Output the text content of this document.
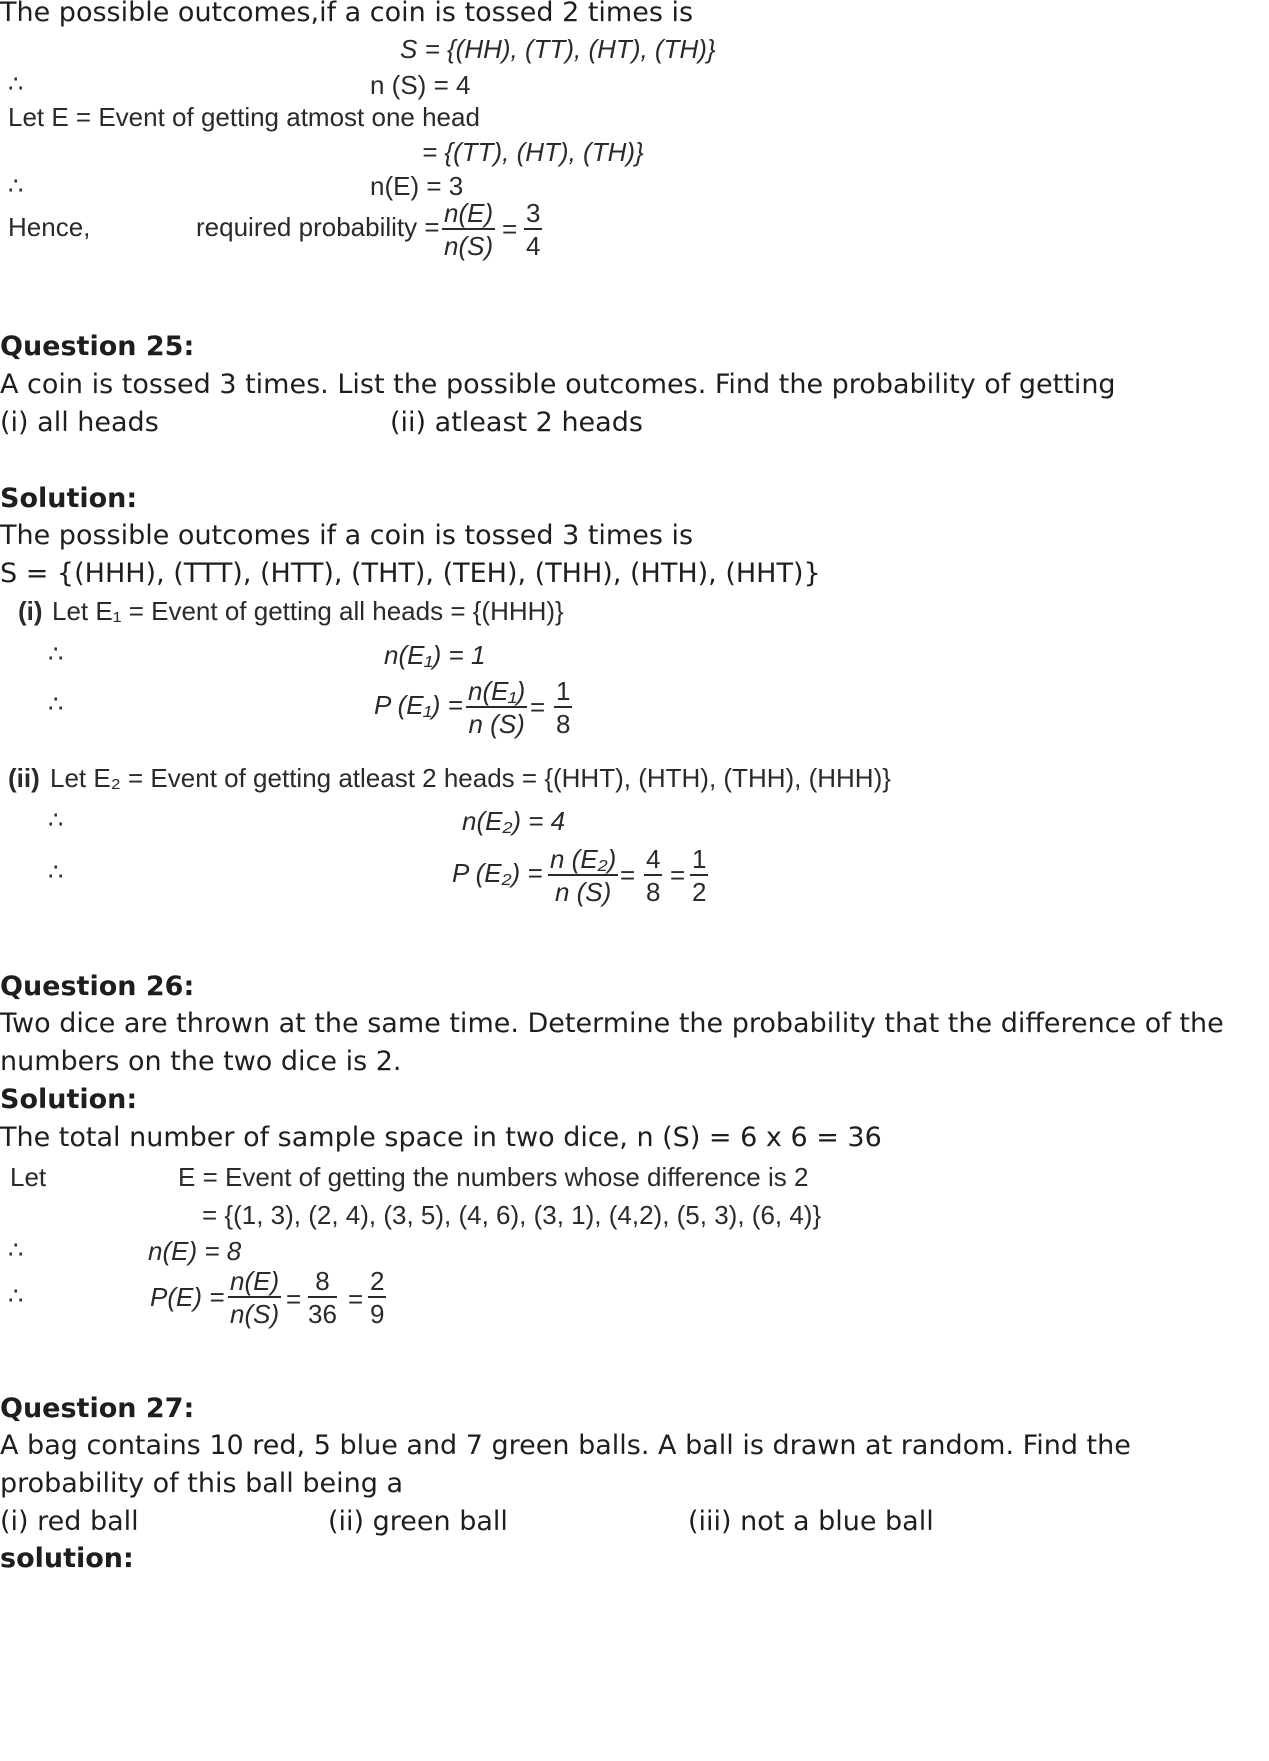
The possible outcomes,if a coin is tossed 2 times is
S = {(HH), (TT), (HT), (TH)}
∴	n (S) = 4
Let E = Event of getting atmost one head
= {(TT), (HT), (TH)}
∴	n(E) = 3
Hence,	required probability = $\frac{n(E)}{n(S)} = \frac{3}{4}$
Question 25:
A coin is tossed 3 times. List the possible outcomes. Find the probability of getting
(i) all heads	(ii) atleast 2 heads
Solution:
The possible outcomes if a coin is tossed 3 times is
S = {(HHH), (TTT), (HTT), (THT), (TEH), (THH), (HTH), (HHT)}
(i) Let E₁ = Event of getting all heads = {(HHH)}
∴	n(E₁) = 1
∴	P $(E_1) = \frac{\text{n(E₁)}}{n (S)} = \frac{1}{8}$
(ii) Let E₂ = Event of getting atleast 2 heads = {(HHT), (HTH), (THH), (HHH)}
∴	n(E₂) = 4
∴	P $(E_2) = \frac{\text{n (E₂)}}{n (S)} = \frac{4}{8} = \frac{1}{2}$
Question 26:
Two dice are thrown at the same time. Determine the probability that the difference of the
numbers on the two dice is 2.
Solution:
The total number of sample space in two dice, n (S) = 6 x 6 = 36
Let	E = Event of getting the numbers whose difference is 2
= {(1, 3), (2, 4), (3, 5), (4, 6), (3, 1), (4,2), (5, 3), (6, 4)}
∴	n(E) = 8
∴	$P(E) = \frac{n(E)}{n(S)} = \frac{8}{36} = \frac{2}{9}$
Question 27:
A bag contains 10 red, 5 blue and 7 green balls. A ball is drawn at random. Find the
probability of this ball being a
(i) red ball	(ii) green ball	(iii) not a blue ball
solution:
